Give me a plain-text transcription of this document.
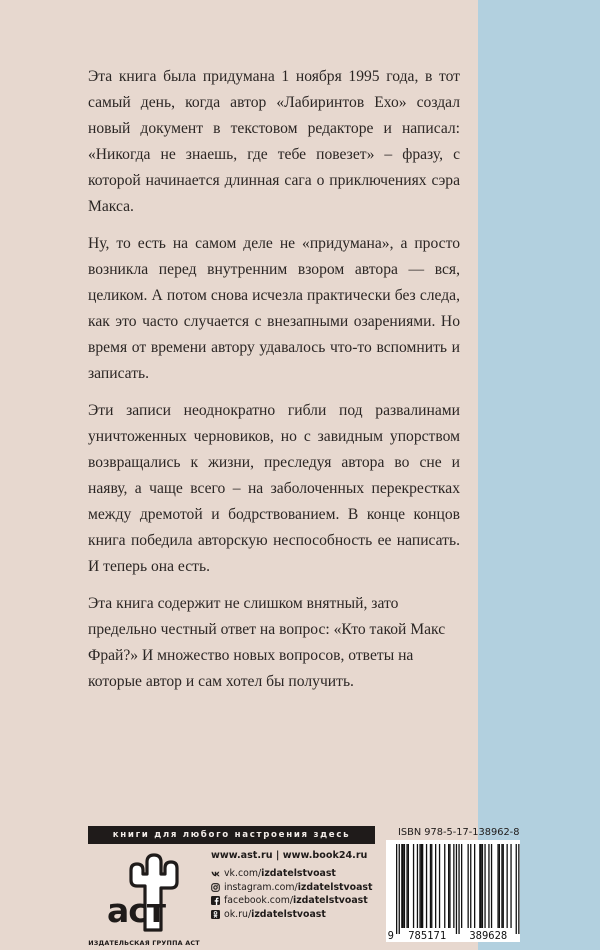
Эта книга была придумана 1 ноября 1995 года, в тот самый день, когда автор «Лабиринтов Ехо» создал новый документ в текстовом редакторе и написал: «Никогда не знаешь, где тебе повезет» – фразу, с которой начинается длинная сага о приключениях сэра Макса.

Ну, то есть на самом деле не «придумана», а просто возникла перед внутренним взором автора — вся, целиком. А потом снова исчезла практически без следа, как это часто случается с внезапными озарениями. Но время от времени автору удавалось что-то вспомнить и записать.

Эти записи неоднократно гибли под развалинами уничтоженных черновиков, но с завидным упорством возвращались к жизни, преследуя автора во сне и наяву, а чаще всего – на заболоченных перекрестках между дремотой и бодрствованием. В конце концов книга победила авторскую неспособность ее написать. И теперь она есть.

Эта книга содержит не слишком внятный, зато предельно честный ответ на вопрос: «Кто такой Макс Фрай?» И множество новых вопросов, ответы на которые автор и сам хотел бы получить.

книги для любого настроения здесь
аст
ИЗДАТЕЛЬСКАЯ ГРУППА АСТ
www.ast.ru | www.book24.ru
vk.com/ izdatelstvoast
instagram.com/ izdatelstvoast
facebook.com/ izdatelstvoast
ok.ru/ izdatelstvoast
ISBN 978-5-17-138962-8
9 785171 389628
